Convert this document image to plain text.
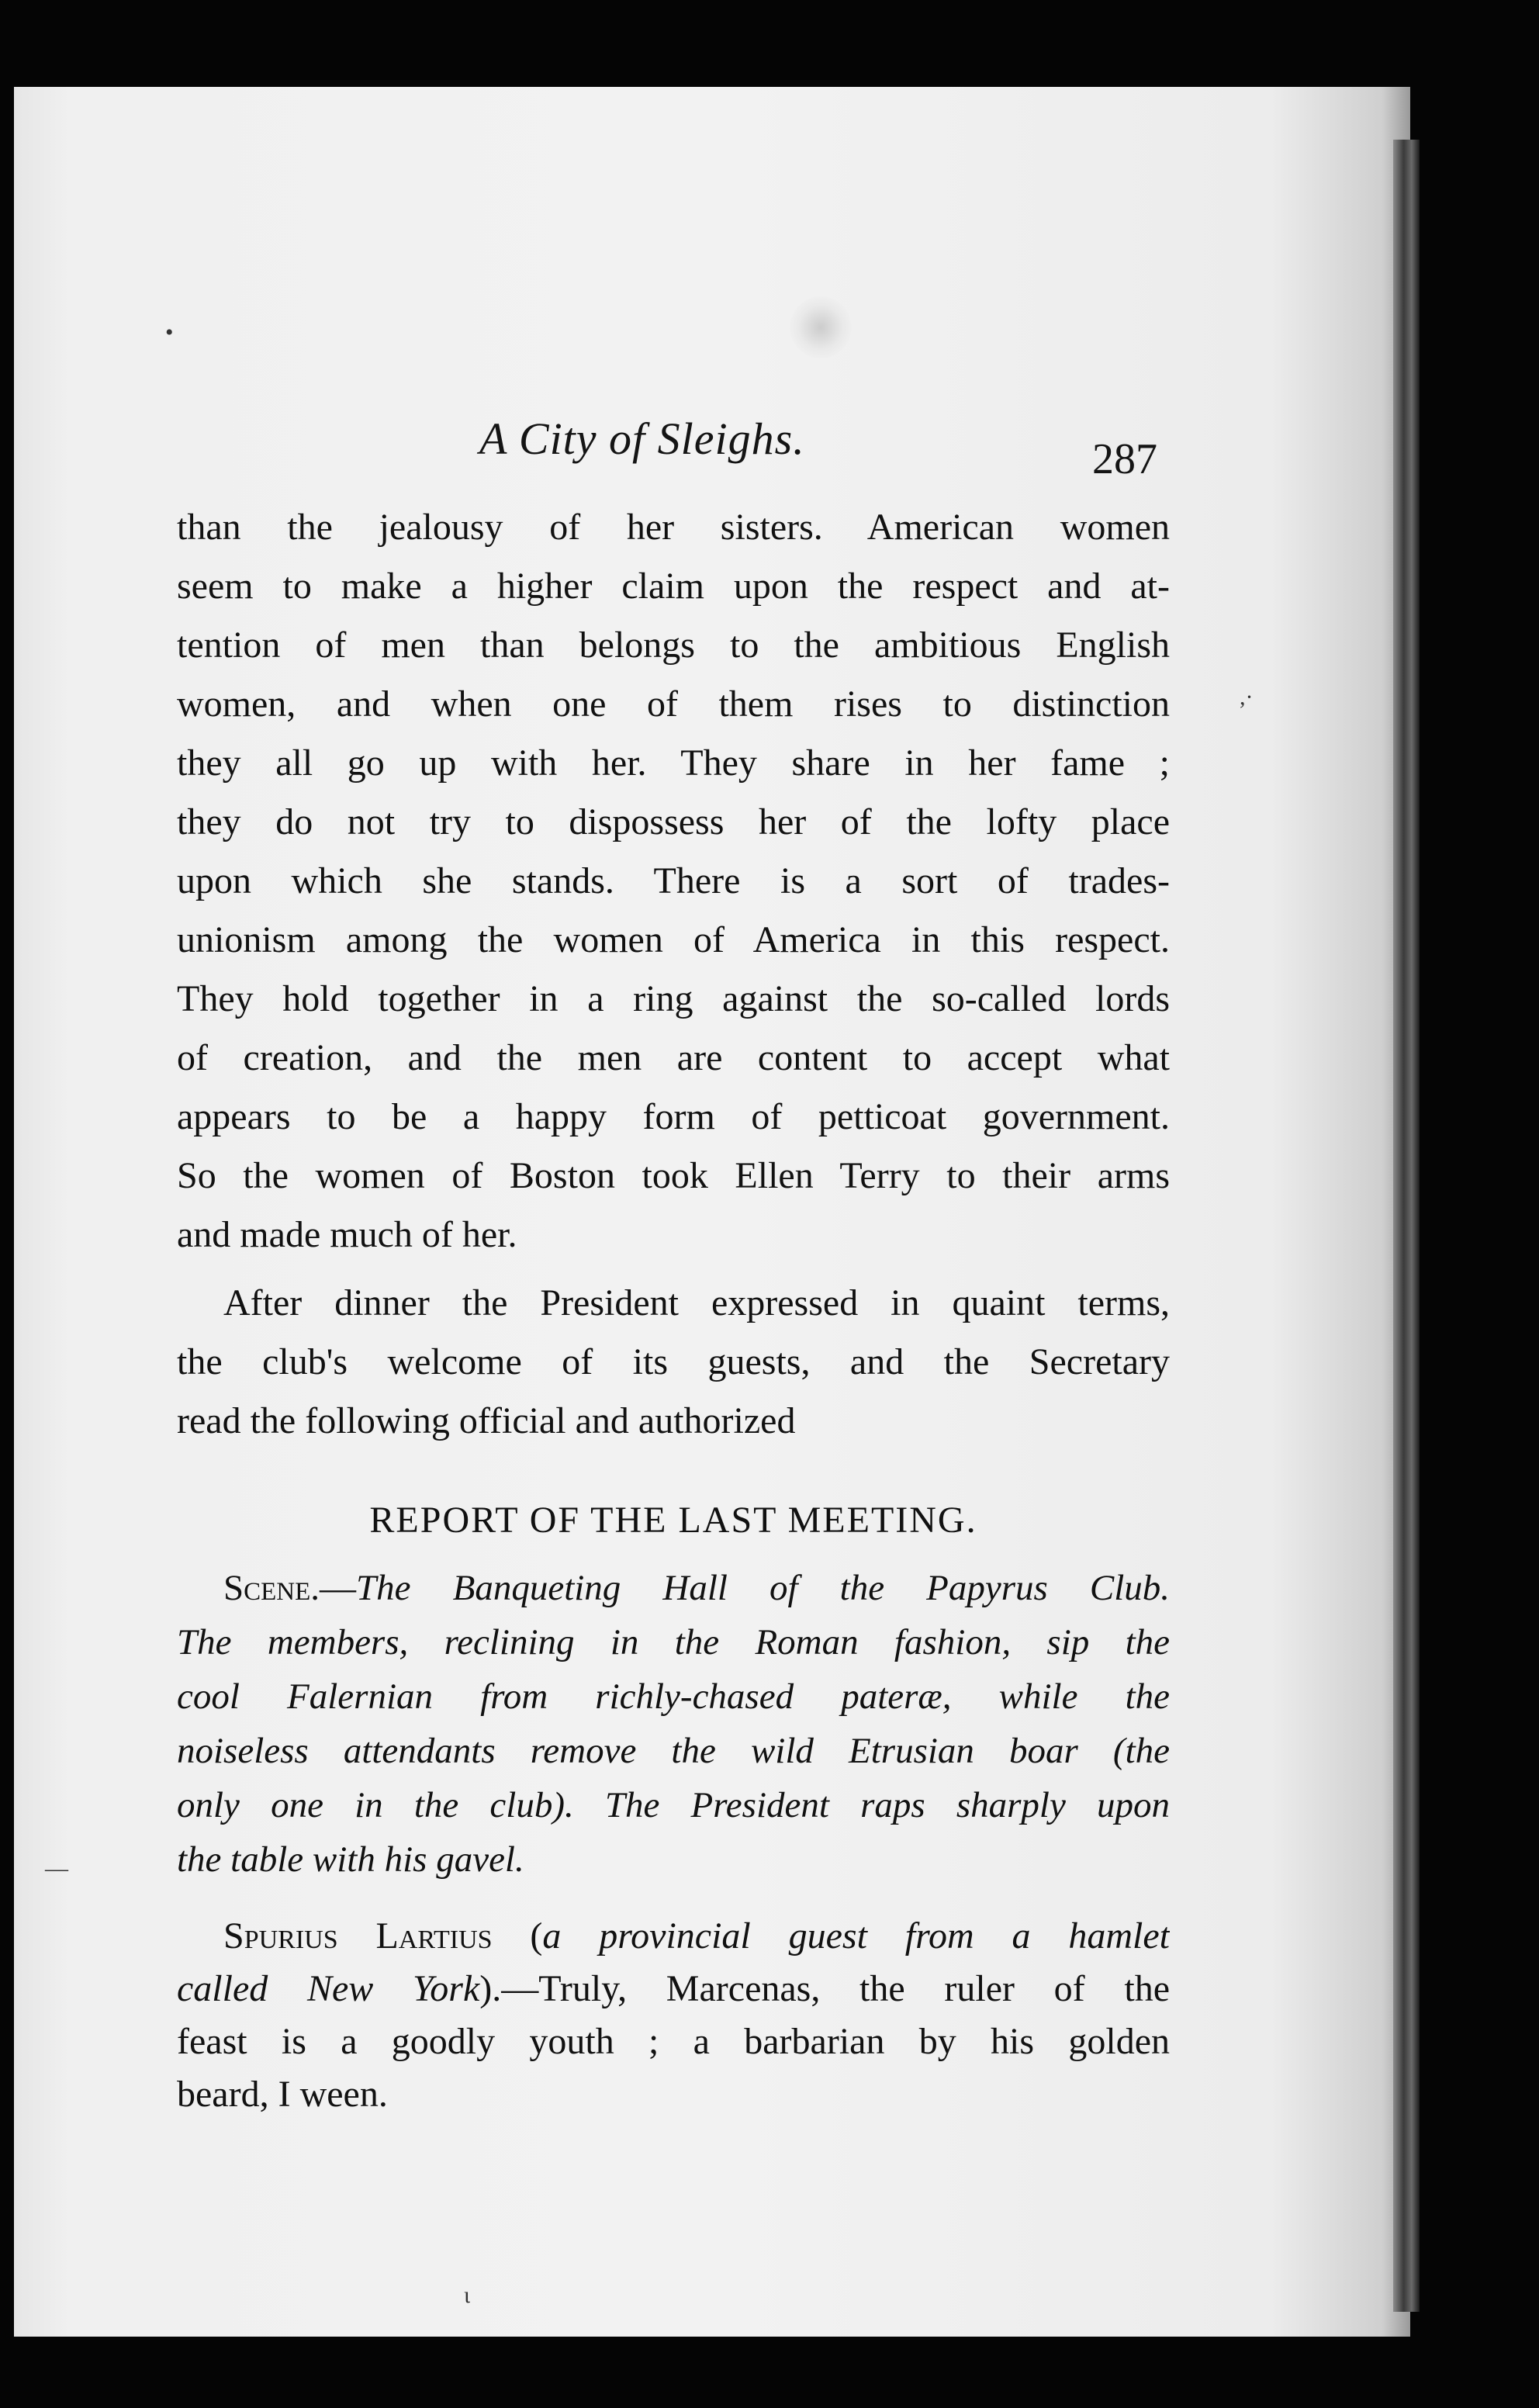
A City of Sleighs.	287
than the jealousy of her sisters. American women
seem to make a higher claim upon the respect and at-
tention of men than belongs to the ambitious English
women, and when one of them rises to distinction
they all go up with her. They share in her fame ;
they do not try to dispossess her of the lofty place
upon which she stands. There is a sort of trades-
unionism among the women of America in this respect.
They hold together in a ring against the so-called lords
of creation, and the men are content to accept what
appears to be a happy form of petticoat government.
So the women of Boston took Ellen Terry to their arms
and made much of her.
After dinner the President expressed in quaint terms,
the club's welcome of its guests, and the Secretary
read the following official and authorized
REPORT OF THE LAST MEETING.
Scene.—The Banqueting Hall of the Papyrus Club.
The members, reclining in the Roman fashion, sip the
cool Falernian from richly-chased pateræ, while the
noiseless attendants remove the wild Etrusian boar (the
only one in the club). The President raps sharply upon
the table with his gavel.
Spurius Lartius (a provincial guest from a hamlet
called New York).—Truly, Marcenas, the ruler of the
feast is a goodly youth ; a barbarian by his golden
beard, I ween.
•
,·
—
ι
